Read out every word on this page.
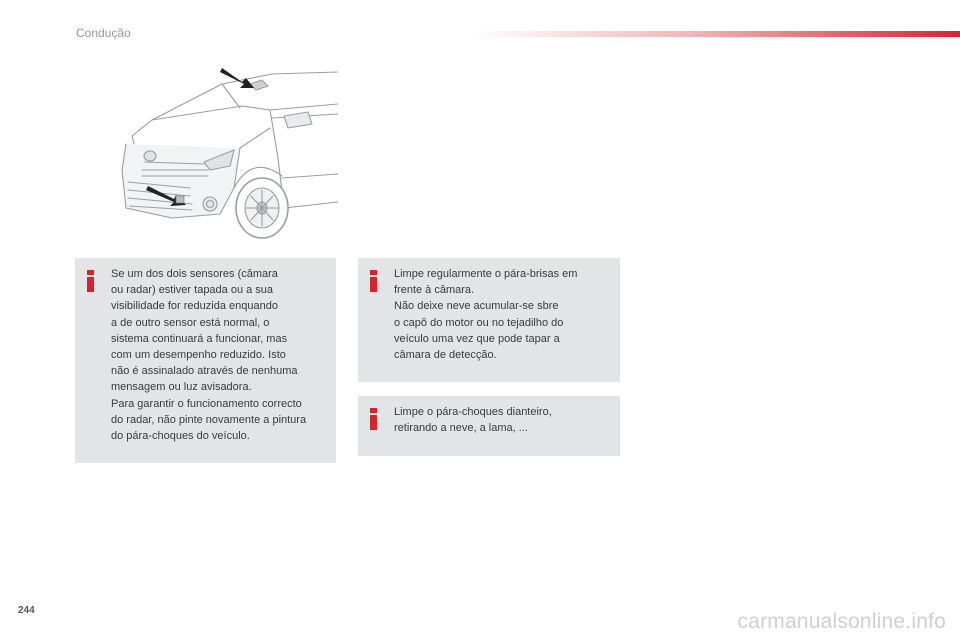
Condução

Se um dos dois sensores (câmara

ou radar) estiver tapada ou a sua

visibilidade for reduzida enquando

a de outro sensor está normal, o

sistema continuará a funcionar, mas

com um desempenho reduzido. Isto

não é assinalado através de nenhuma

mensagem ou luz avisadora.

Para garantir o funcionamento correcto

do radar, não pinte novamente a pintura

do pára-choques do veículo.

Limpe regularmente o pára-brisas em

frente à câmara.

Não deixe neve acumular-se sbre

o capô do motor ou no tejadilho do

veículo uma vez que pode tapar a

câmara de detecção.

Limpe o pára-choques dianteiro,

retirando a neve, a lama, ...

244	carmanualsonline.info
